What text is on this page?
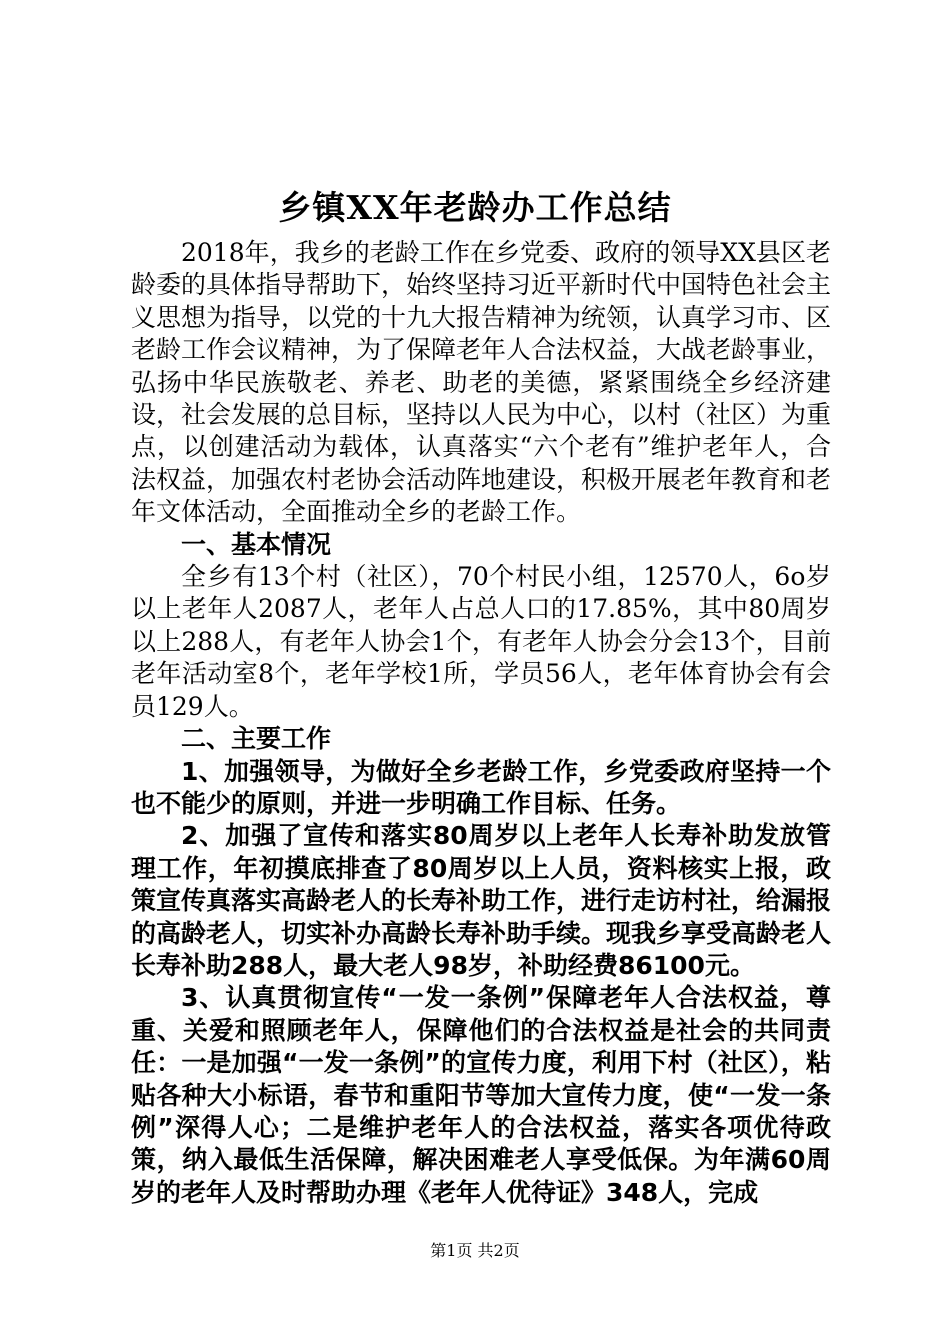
乡镇XX年老龄办工作总结

2018年，我乡的老龄工作在乡党委、政府的领导XX县区老龄委的具体指导帮助下，始终坚持习近平新时代中国特色社会主义思想为指导，以党的十九大报告精神为统领，认真学习市、区老龄工作会议精神，为了保障老年人合法权益，大战老龄事业，弘扬中华民族敬老、养老、助老的美德，紧紧围绕全乡经济建设，社会发展的总目标，坚持以人民为中心，以村（社区）为重点，以创建活动为载体，认真落实“六个老有”维护老年人，合法权益，加强农村老协会活动阵地建设，积极开展老年教育和老年文体活动，全面推动全乡的老龄工作。

一、基本情况

全乡有13个村（社区），70个村民小组，12570人，6o岁以上老年人2087人，老年人占总人口的17.85%，其中80周岁以上288人，有老年人协会1个，有老年人协会分会13个，目前老年活动室8个，老年学校1所，学员56人，老年体育协会有会员129人。

二、主要工作

1、加强领导，为做好全乡老龄工作，乡党委政府坚持一个也不能少的原则，并进一步明确工作目标、任务。

2、加强了宣传和落实80周岁以上老年人长寿补助发放管理工作，年初摸底排查了80周岁以上人员，资料核实上报，政策宣传真落实高龄老人的长寿补助工作，进行走访村社，给漏报的高龄老人，切实补办高龄长寿补助手续。现我乡享受高龄老人长寿补助288人，最大老人98岁，补助经费86100元。

3、认真贯彻宣传“一发一条例”保障老年人合法权益，尊重、关爱和照顾老年人，保障他们的合法权益是社会的共同责任：一是加强“一发一条例”的宣传力度，利用下村（社区），粘贴各种大小标语，春节和重阳节等加大宣传力度，使“一发一条例”深得人心；二是维护老年人的合法权益，落实各项优待政策，纳入最低生活保障，解决困难老人享受低保。为年满60周岁的老年人及时帮助办理《老年人优待证》348人，完成

第1页 共2页
